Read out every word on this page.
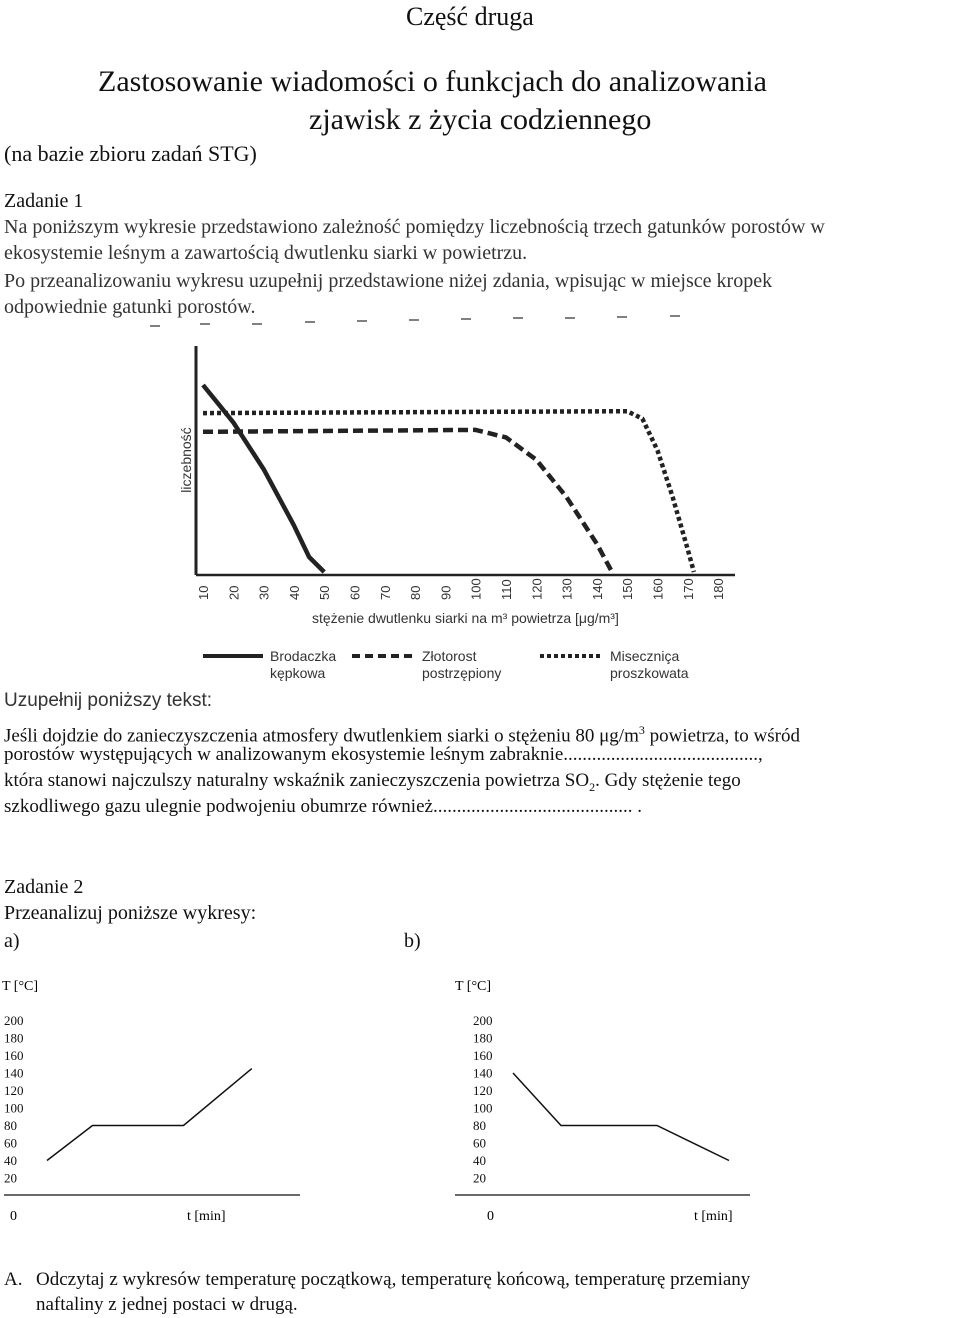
Część druga
Zastosowanie wiadomości o funkcjach do analizowania
zjawisk z życia codziennego
(na bazie zbioru zadań STG)
Zadanie 1
Na poniższym wykresie przedstawiono zależność pomiędzy liczebnością trzech gatunków porostów w
ekosystemie leśnym a zawartością dwutlenku siarki w powietrzu.
Po przeanalizowaniu wykresu uzupełnij przedstawione niżej zdania, wpisując w miejsce kropek
odpowiednie gatunki porostów.
liczebność
10 20 30 40 50 60 70 80 90 100 110 120 130 140 150 160 170 180
stężenie dwutlenku siarki na m³ powietrza [μg/m³]
Brodaczka
kępkowa
Złotorost
postrzępiony
Miseczniça
proszkowata
Uzupełnij poniższy tekst:
Jeśli dojdzie do zanieczyszczenia atmosfery dwutlenkiem siarki o stężeniu 80 $\mu g/m^3$ powietrza, to wśród
porostów występujących w analizowanym ekosystemie leśnym zabraknie.........................................,
która stanowi najczulszy naturalny wskaźnik zanieczyszczenia powietrza $SO_2$. Gdy stężenie tego
szkodliwego gazu ulegnie podwojeniu obumrze również.......................................... .
Zadanie 2
Przeanalizuj poniższe wykresy:
a)	b)
T [°C]
200
180
160
140
120
100
80
60
40
20
0	t [min]
T [°C]
200
180
160
140
120
100
80
60
40
20
0	t [min]
A. Odczytaj z wykresów temperaturę początkową, temperaturę końcową, temperaturę przemiany
naftaliny z jednej postaci w drugą.
